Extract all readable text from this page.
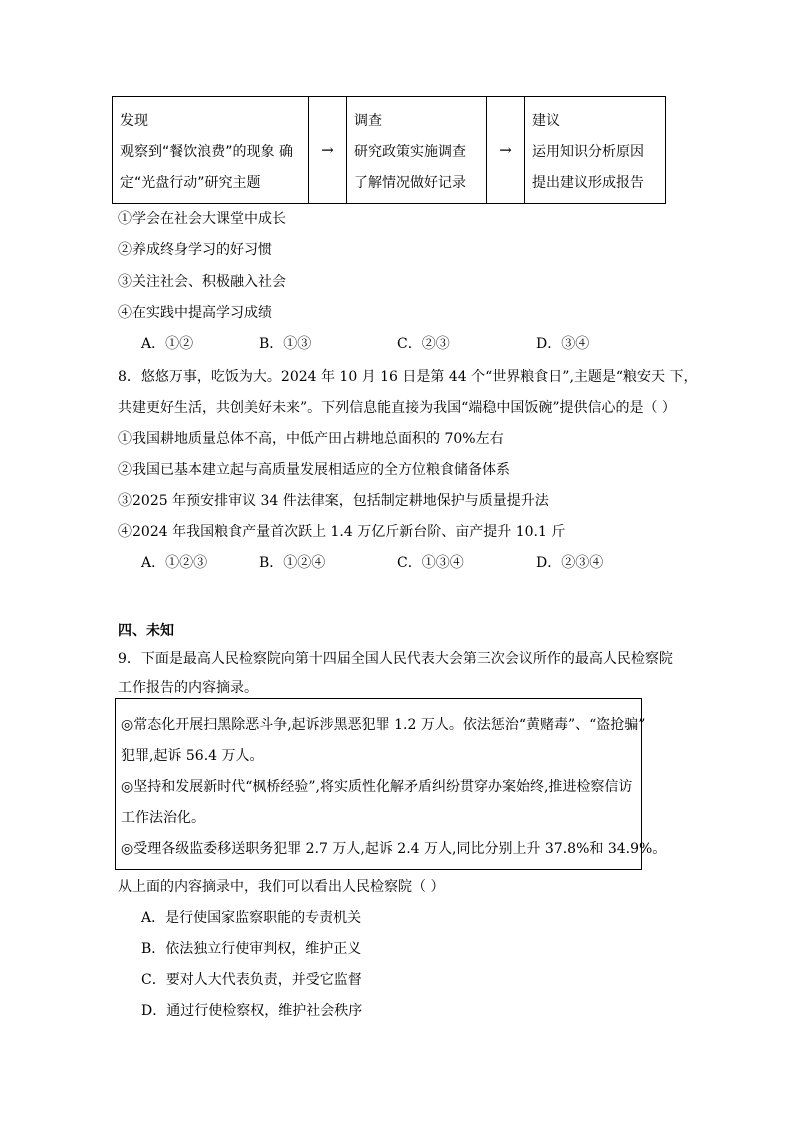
发现
观察到“餐饮浪费”的现象 确
定“光盘行动”研究主题
→
调查
研究政策实施调查
了解情况做好记录
→
建议
运用知识分析原因
提出建议形成报告
①学会在社会大课堂中成长
②养成终身学习的好习惯
③关注社会、积极融入社会
④在实践中提高学习成绩
A．①②	B．①③	C．②③	D．③④
8．悠悠万事，吃饭为大。2024 年 10 月 16 日是第 44 个“世界粮食日”,主题是“粮安天 下，
共建更好生活，共创美好未来”。下列信息能直接为我国“端稳中国饭碗”提供信心的是（ ）
①我国耕地质量总体不高，中低产田占耕地总面积的 70%左右
②我国已基本建立起与高质量发展相适应的全方位粮食储备体系
③2025 年预安排审议 34 件法律案，包括制定耕地保护与质量提升法
④2024 年我国粮食产量首次跃上 1.4 万亿斤新台阶、亩产提升 10.1 斤
A．①②③	B．①②④	C．①③④	D．②③④
四、未知
9．下面是最高人民检察院向第十四届全国人民代表大会第三次会议所作的最高人民检察院
工作报告的内容摘录。
◎常态化开展扫黑除恶斗争,起诉涉黑恶犯罪 1.2 万人。依法惩治“黄赌毒”、“盗抢骗”
犯罪,起诉 56.4 万人。
◎坚持和发展新时代“枫桥经验”,将实质性化解矛盾纠纷贯穿办案始终,推进检察信访
工作法治化。
◎受理各级监委移送职务犯罪 2.7 万人,起诉 2.4 万人,同比分别上升 37.8%和 34.9%。
从上面的内容摘录中，我们可以看出人民检察院（ ）
A．是行使国家监察职能的专责机关
B．依法独立行使审判权，维护正义
C．要对人大代表负责，并受它监督
D．通过行使检察权，维护社会秩序
